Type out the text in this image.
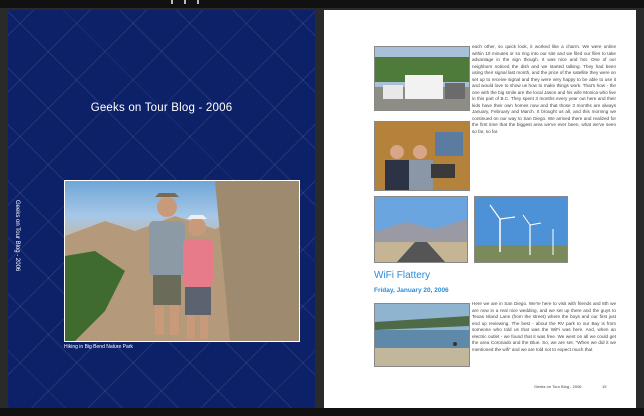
Geeks on Tour Blog - 2006
Geeks on Tour Blog - 2006
Hiking in Big Bend Nature Park
each other, so quick look, it worked like a charm. We were online within 10 minutes or so ring into our site and we filed our files to take advantage in the sign though. It was nice and hot. One of our neighbors noticed the dish and we started talking. They had been using their signal last month, and the price of the satellite they were on set up to receive signal and they were very happy to be able to use it and would love to show us how to make things work. That's how - the one with the big smile are the local Jason and his wife Monica who live in this part of B.C. They spent 3 months every year out here and their kids have their own homes now and that those 3 months are always January, February and March. It brought us all, and this morning we continued on our way to San Diego. We arrived there and realized for the first time that the biggest area we've ever been, what we've seen so far, so far.
WiFi Flattery
Friday, January 20, 2006
Here we are in San Diego. We're here to visit with friends and 8th we are now in a real nice wedding, and we set up there and the guys to Texas Island Lane (from the street) where the boys and our first just end up reviewing. The best - about the RV park to our Bay is from someone who told us that was the WiFi was here. And, when an electric outlet - we found that it was free. We went on all we could get the area Coronado and the Blue. So, we are set. "When we did it we mentioned the wifi" and we are told not to expect much that
Geeks on Tour Blog - 2006	19
